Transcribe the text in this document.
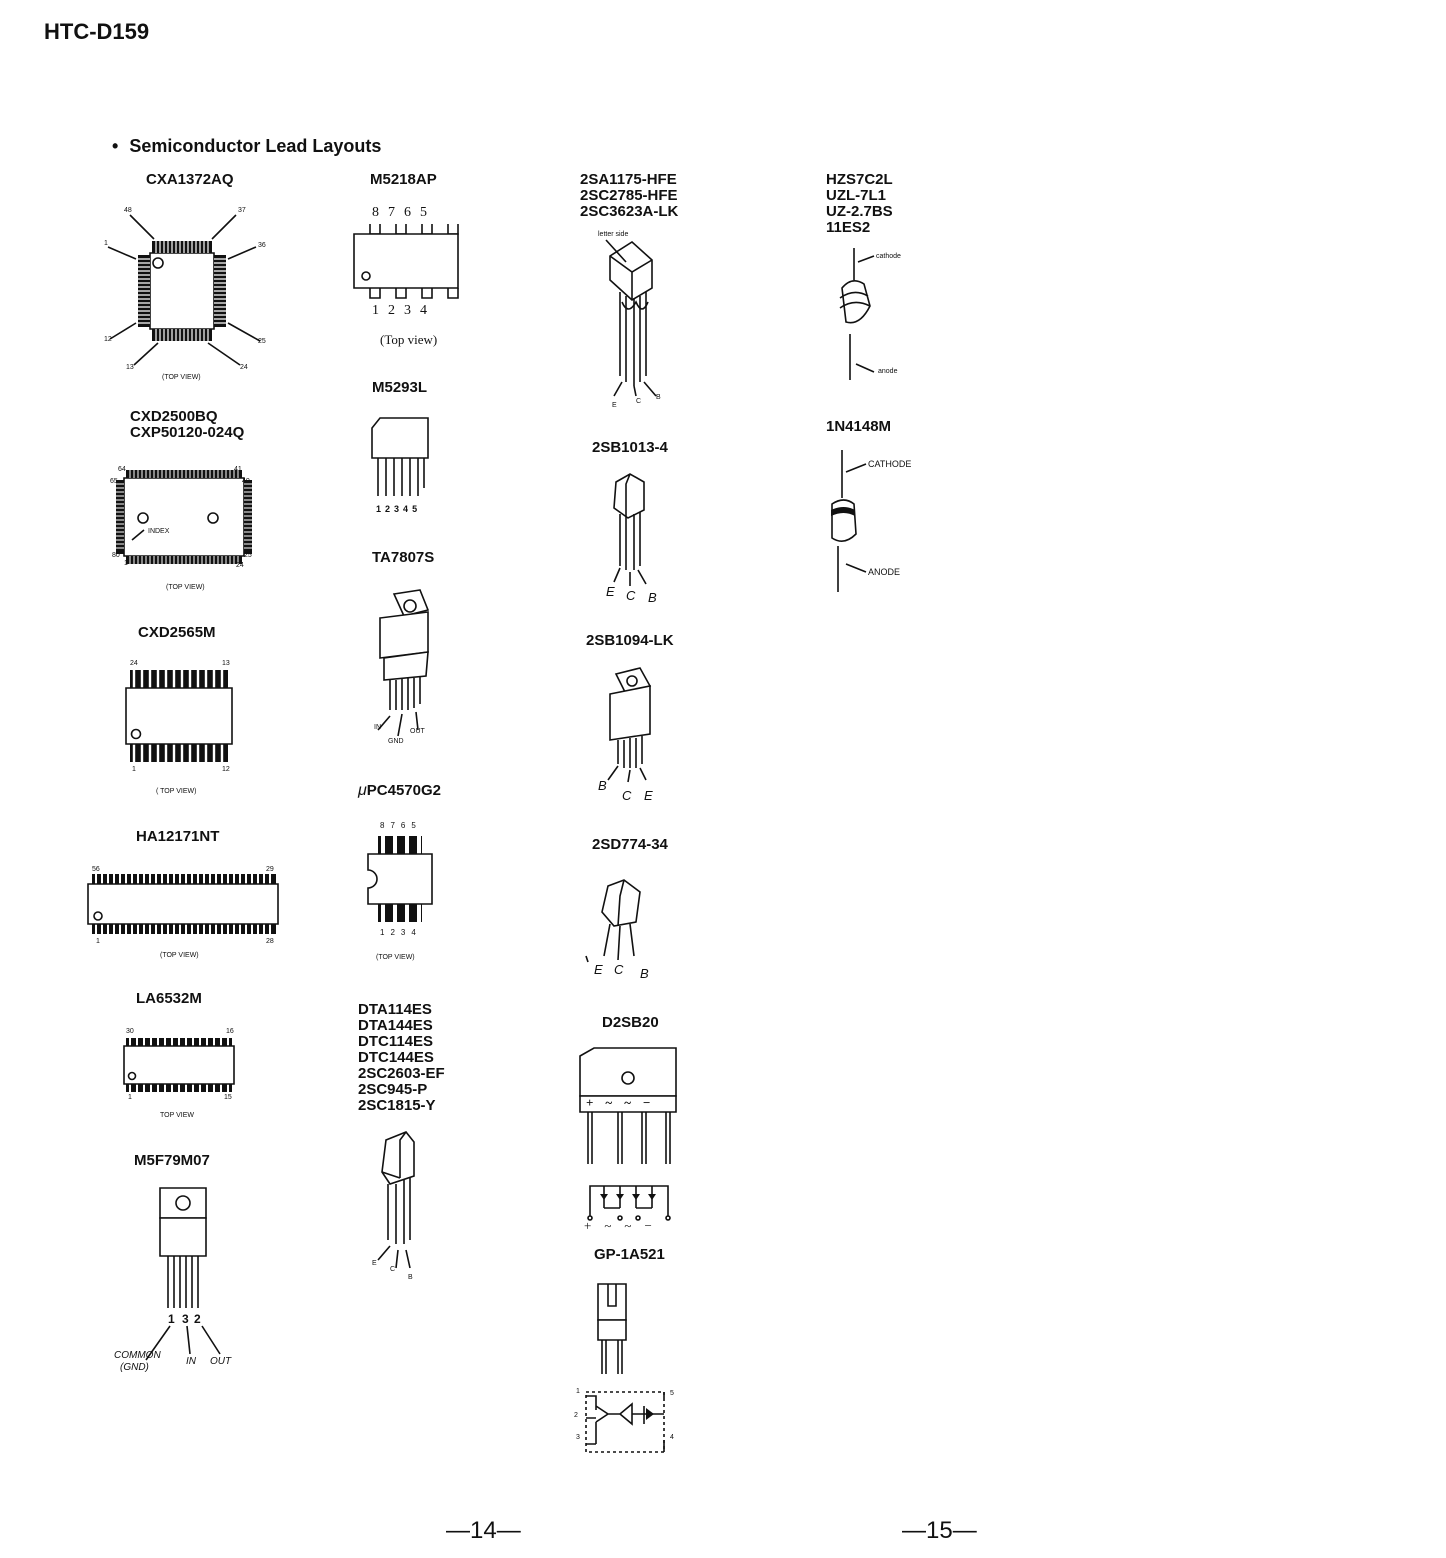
HTC-D159
• Semiconductor Lead Layouts
CXA1372AQ
48	37
1	36
12	25
13	24
(TOP VIEW)
CXD2500BQ
CXP50120-024Q
64	41
65	40
80	25
1	24
INDEX
(TOP VIEW)
CXD2565M
24	13
1	12
( TOP VIEW)
HA12171NT
56	29
1	28
(TOP VIEW)
LA6532M
30	16
1	15
TOP VIEW
M5F79M07
1 3 2
COMMON
(GND)
IN OUT
M5218AP
8765
1234
(Top view)
M5293L
12345
TA7807S
IN
OUT
GND
μPC4570G2
8765
1234
(TOP VIEW)
DTA114ES
DTA144ES
DTC114ES
DTC144ES
2SC2603-EF
2SC945-P
2SC1815-Y
E
C
B
2SA1175-HFE
2SC2785-HFE
2SC3623A-LK
letter side
E
C
B
2SB1013-4
E C B
2SB1094-LK
B
C E
2SD774-34
E C B
D2SB20
+~~−
+~~−
GP-1A521
1
2
3	4
5
HZS7C2L
UZL-7L1
UZ-2.7BS
11ES2
cathode
anode
1N4148M
CATHODE
ANODE
—14—	—15—
